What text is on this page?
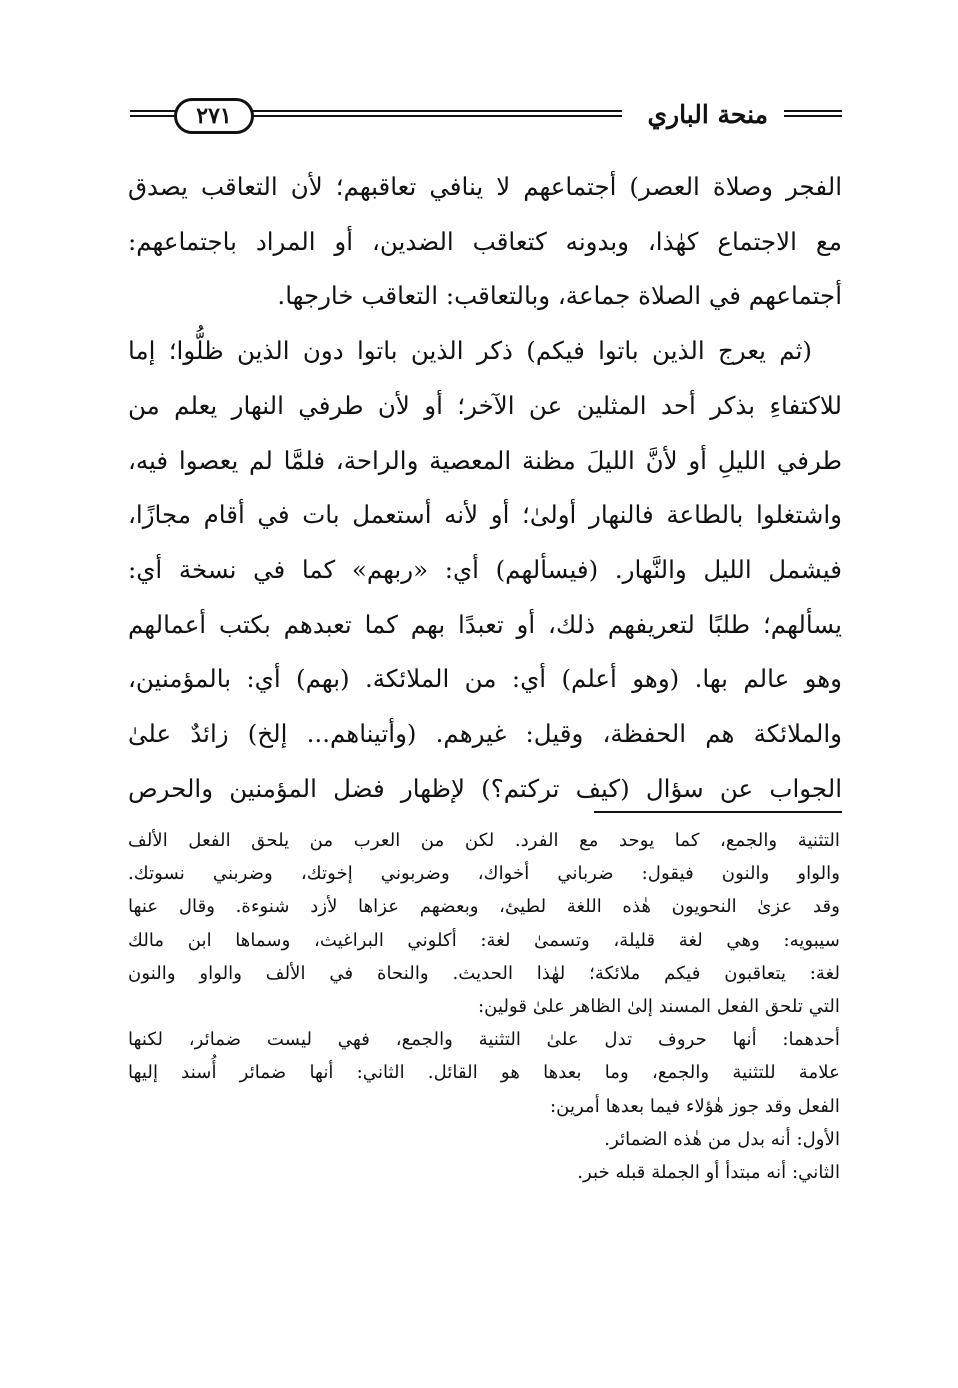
منحة الباري
٢٧١
الفجر وصلاة العصر) أجتماعهم لا ينافي تعاقبهم؛ لأن التعاقب يصدق
مع الاجتماع كهٰذا، وبدونه كتعاقب الضدين، أو المراد باجتماعهم:
أجتماعهم في الصلاة جماعة، وبالتعاقب: التعاقب خارجها.
(ثم يعرج الذين باتوا فيكم) ذكر الذين باتوا دون الذين ظلُّوا؛ إما
للاكتفاءِ بذكر أحد المثلين عن الآخر؛ أو لأن طرفي النهار يعلم من
طرفي الليلِ أو لأنَّ الليلَ مظنة المعصية والراحة، فلمَّا لم يعصوا فيه،
واشتغلوا بالطاعة فالنهار أولىٰ؛ أو لأنه أستعمل بات في أقام مجازًا،
فيشمل الليل والنَّهار. (فيسألهم) أي: «ربهم» كما في نسخة أي:
يسألهم؛ طلبًا لتعريفهم ذلك، أو تعبدًا بهم كما تعبدهم بكتب أعمالهم
وهو عالم بها. (وهو أعلم) أي: من الملائكة. (بهم) أي: بالمؤمنين،
والملائكة هم الحفظة، وقيل: غيرهم. (وأتيناهم... إلخ) زائدٌ علىٰ
الجواب عن سؤال (كيف تركتم؟) لإظهار فضل المؤمنين والحرص
التثنية والجمع، كما يوحد مع الفرد. لكن من العرب من يلحق الفعل الألف
والواو والنون فيقول: ضرباني أخواك، وضربوني إخوتك، وضربني نسوتك.
وقد عزىٰ النحويون هٰذه اللغة لطيئ، وبعضهم عزاها لأزد شنوءة. وقال عنها
سيبويه: وهي لغة قليلة، وتسمىٰ لغة: أكلوني البراغيث، وسماها ابن مالك
لغة: يتعاقبون فيكم ملائكة؛ لهٰذا الحديث. والنحاة في الألف والواو والنون
التي تلحق الفعل المسند إلىٰ الظاهر علىٰ قولين:
أحدهما: أنها حروف تدل علىٰ التثنية والجمع، فهي ليست ضمائر، لكنها
علامة للتثنية والجمع، وما بعدها هو القائل. الثاني: أنها ضمائر أُسند إليها
الفعل وقد جوز هٰؤلاء فيما بعدها أمرين:
الأول: أنه بدل من هٰذه الضمائر.
الثاني: أنه مبتدأ أو الجملة قبله خبر.
